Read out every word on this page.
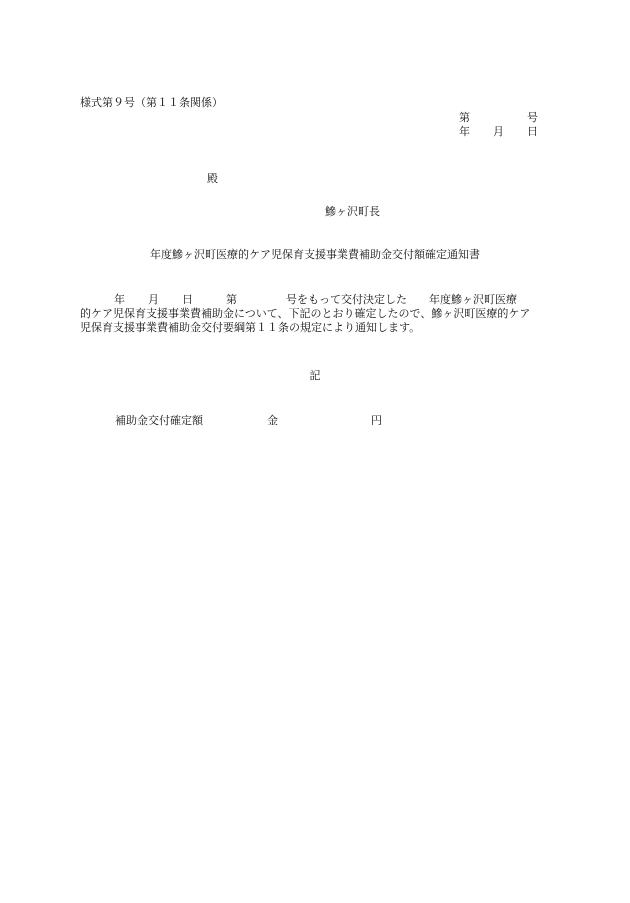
様式第９号（第１１条関係）
第	号
年	月	日
殿
鰺ヶ沢町長
年度鰺ヶ沢町医療的ケア児保育支援事業費補助金交付額確定通知書
年 月 日	第	号をもって交付決定した　　年度鰺ヶ沢町医療
的ケア児保育支援事業費補助金について、下記のとおり確定したので、鰺ヶ沢町医療的ケア
児保育支援事業費補助金交付要綱第１１条の規定により通知します。
記
補助金交付確定額	金	円
